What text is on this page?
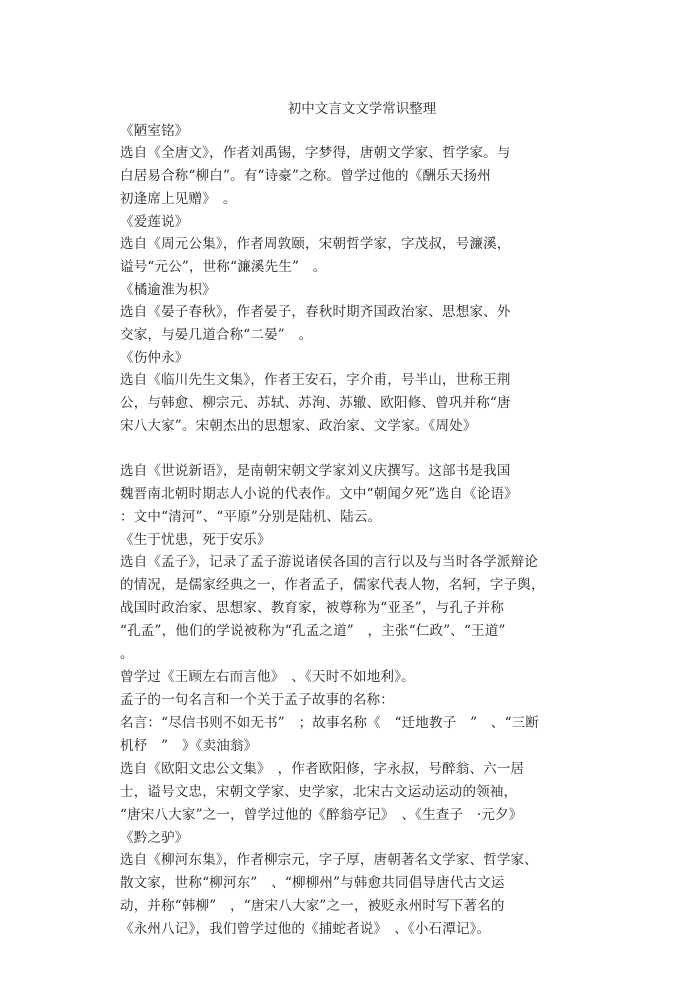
初中文言文文学常识整理
《陋室铭》
选自《全唐文》，作者刘禹锡，字梦得，唐朝文学家、哲学家。与
白居易合称“柳白”。有“诗豪”之称。曾学过他的《酬乐天扬州
初逢席上见赠》　。
《爱莲说》
选自《周元公集》，作者周敦颐，宋朝哲学家，字茂叔，号濂溪，
谥号“元公”，世称“濂溪先生”　。
《橘逾淮为枳》
选自《晏子春秋》，作者晏子，春秋时期齐国政治家、思想家、外
交家，与晏几道合称“二晏”　。
《伤仲永》
选自《临川先生文集》，作者王安石，字介甫，号半山，世称王荆
公，与韩愈、柳宗元、苏轼、苏洵、苏辙、欧阳修、曾巩并称“唐
宋八大家”。宋朝杰出的思想家、政治家、文学家。《周处》
选自《世说新语》，是南朝宋朝文学家刘义庆撰写。这部书是我国
魏晋南北朝时期志人小说的代表作。文中“朝闻夕死”选自《论语》
：文中“清河”、“平原”分别是陆机、陆云。
《生于忧患，死于安乐》
选自《孟子》，记录了孟子游说诸侯各国的言行以及与当时各学派辩论
的情况，是儒家经典之一，作者孟子，儒家代表人物，名轲，字子舆，
战国时政治家、思想家、教育家，被尊称为“亚圣”，与孔子并称
“孔孟”，他们的学说被称为“孔孟之道”　，主张“仁政”、“王道”
。
曾学过《王顾左右而言他》　、《天时不如地利》。
孟子的一句名言和一个关于孟子故事的名称：
名言：“尽信书则不如无书”　；故事名称《　“迁地教子　”　、“三断
机杼　”　》《卖油翁》
选自《欧阳文忠公文集》　，作者欧阳修，字永叔，号醉翁、六一居
士，谥号文忠，宋朝文学家、史学家，北宋古文运动运动的领袖，
“唐宋八大家”之一，曾学过他的《醉翁亭记》　、《生查子　·元夕》
《黔之驴》
选自《柳河东集》，作者柳宗元，字子厚，唐朝著名文学家、哲学家、
散文家，世称“柳河东”　、“柳柳州”与韩愈共同倡导唐代古文运
动，并称“韩柳”　，“唐宋八大家”之一，被贬永州时写下著名的
《永州八记》，我们曾学过他的《捕蛇者说》　、《小石潭记》。
